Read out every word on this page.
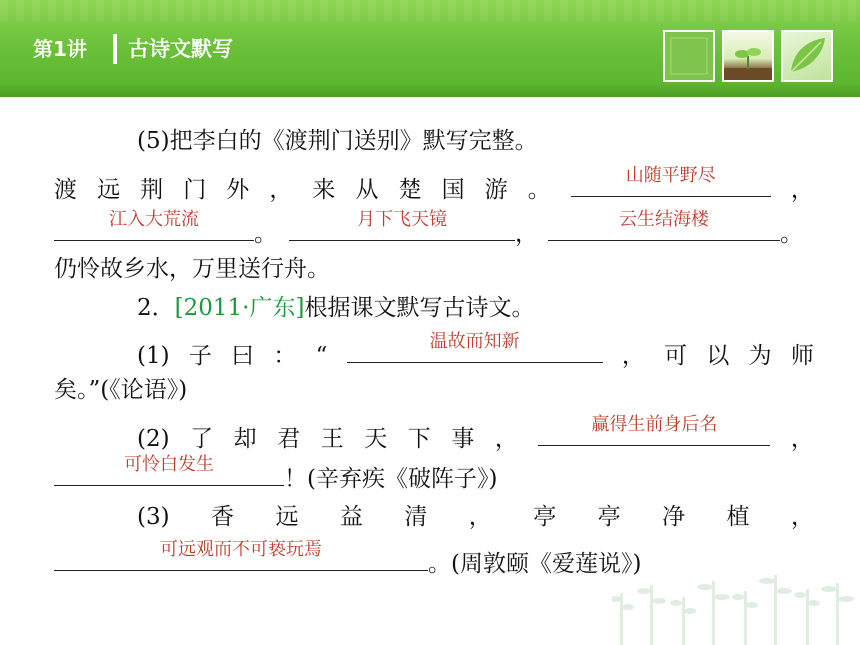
第1讲 古诗文默写
(5)把李白的《渡荆门送别》默写完整。
渡 远 荆 门 外 ， 来 从 楚 国 游 。
山随平野尽
，
江入大荒流
。
月下飞天镜
，
云生结海楼
。
仍怜故乡水，万里送行舟。
2．[2011·广东]根据课文默写古诗文。
(1) 子 曰 ： “
温故而知新
， 可 以 为 师
矣。”(《论语》)
(2) 了 却 君 王 天 下 事 ，
赢得生前身后名
，
可怜白发生
！(辛弃疾《破阵子》)
(3) 香 远 益 清 ， 亭 亭 净 植 ，
可远观而不可亵玩焉
。(周敦颐《爱莲说》)
